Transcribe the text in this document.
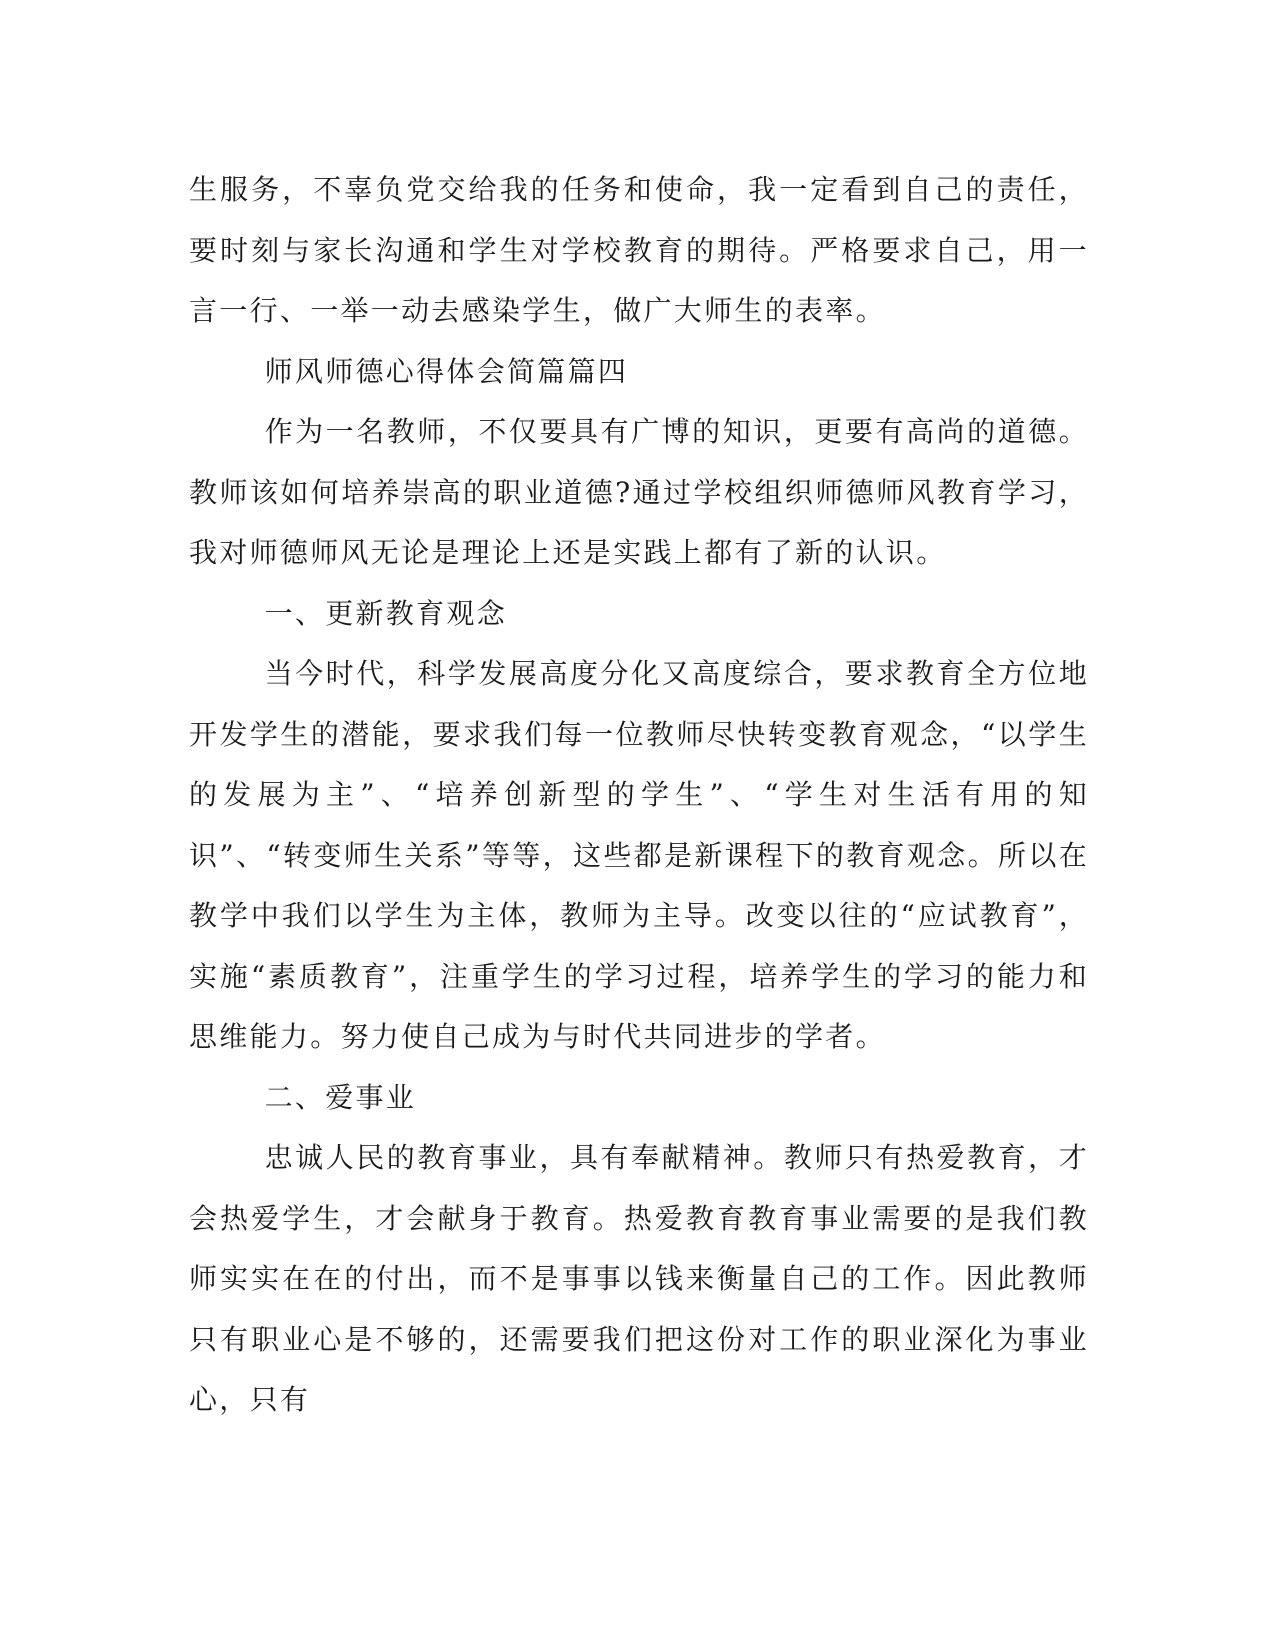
生服务，不辜负党交给我的任务和使命，我一定看到自己的责任，要时刻与家长沟通和学生对学校教育的期待。严格要求自己，用一言一行、一举一动去感染学生，做广大师生的表率。

师风师德心得体会简篇篇四

作为一名教师，不仅要具有广博的知识，更要有高尚的道德。教师该如何培养崇高的职业道德?通过学校组织师德师风教育学习，我对师德师风无论是理论上还是实践上都有了新的认识。

一、更新教育观念

当今时代，科学发展高度分化又高度综合，要求教育全方位地开发学生的潜能，要求我们每一位教师尽快转变教育观念，“以学生的发展为主”、“培养创新型的学生”、“学生对生活有用的知识”、“转变师生关系”等等，这些都是新课程下的教育观念。所以在教学中我们以学生为主体，教师为主导。改变以往的“应试教育”，实施“素质教育”，注重学生的学习过程，培养学生的学习的能力和思维能力。努力使自己成为与时代共同进步的学者。

二、爱事业

忠诚人民的教育事业，具有奉献精神。教师只有热爱教育，才会热爱学生，才会献身于教育。热爱教育教育事业需要的是我们教师实实在在的付出，而不是事事以钱来衡量自己的工作。因此教师只有职业心是不够的，还需要我们把这份对工作的职业深化为事业心，只有
